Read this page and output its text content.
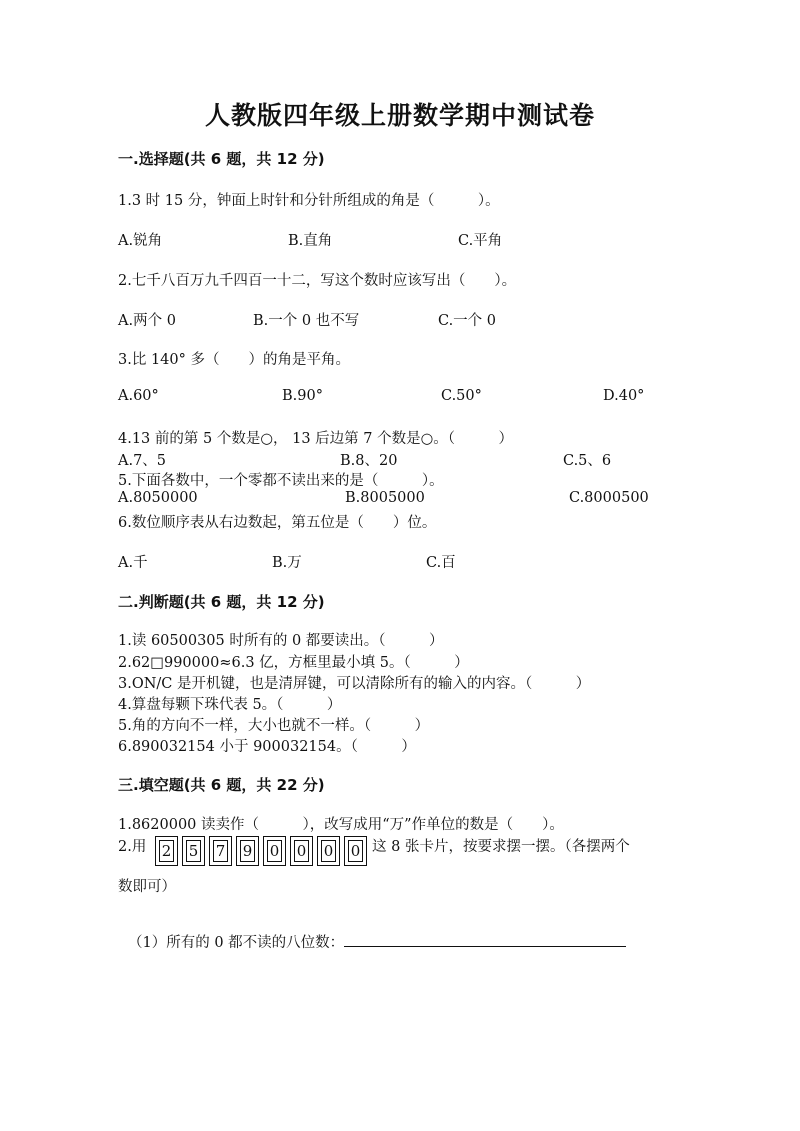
人教版四年级上册数学期中测试卷
一.选择题(共 6 题，共 12 分)
1.3 时 15 分，钟面上时针和分针所组成的角是（　　　）。
A.锐角	B.直角	C.平角
2.七千八百万九千四百一十二，写这个数时应该写出（　　）。
A.两个 0	B.一个 0 也不写	C.一个 0
3.比 140° 多（　　）的角是平角。
A.60°	B.90°	C.50°	D.40°
4.13 前的第 5 个数是○， 13 后边第 7 个数是○。（　　　）
A.7、5	B.8、20	C.5、6
5.下面各数中，一个零都不读出来的是（　　　）。
A.8050000	B.8005000	C.8000500
6.数位顺序表从右边数起，第五位是（　　）位。
A.千	B.万	C.百
二.判断题(共 6 题，共 12 分)
1.读 60500305 时所有的 0 都要读出。（　　　）
2.62□990000≈6.3 亿，方框里最小填 5。（　　　）
3.ON/C 是开机键，也是清屏键，可以清除所有的输入的内容。（　　　）
4.算盘每颗下珠代表 5。（　　　）
5.角的方向不一样，大小也就不一样。（　　　）
6.890032154 小于 900032154。（　　　）
三.填空题(共 6 题，共 22 分)
1.8620000 读卖作（　　　），改写成用“万”作单位的数是（　　）。
2.用 2 5 7 9 0 0 0 0 这 8 张卡片，按要求摆一摆。（各摆两个
数即可）
（1）所有的 0 都不读的八位数：
